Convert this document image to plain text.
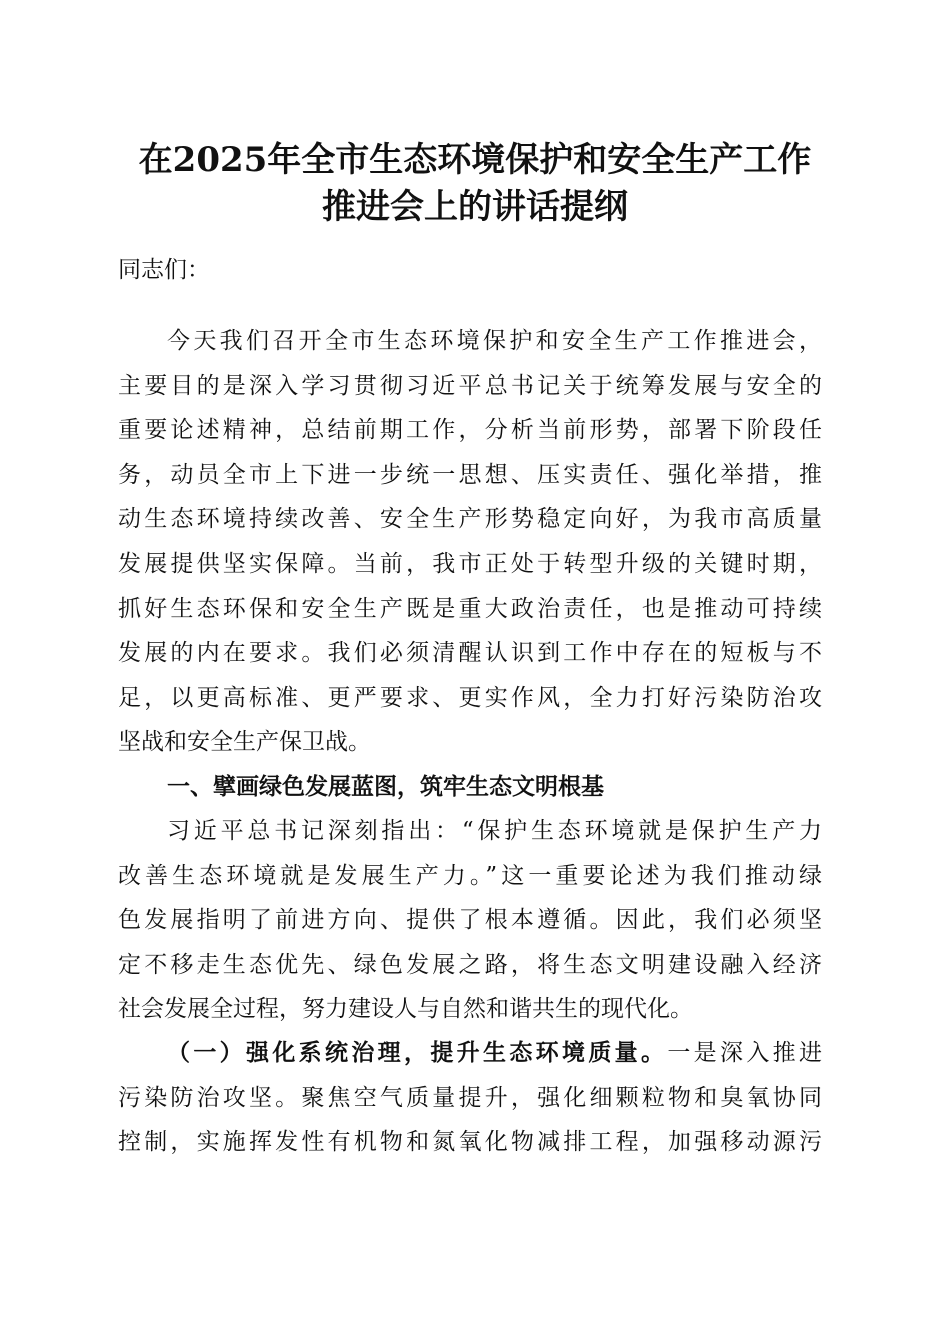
在2025年全市生态环境保护和安全生产工作
推进会上的讲话提纲
同志们：
今天我们召开全市生态环境保护和安全生产工作推进会，
主要目的是深入学习贯彻习近平总书记关于统筹发展与安全的
重要论述精神，总结前期工作，分析当前形势，部署下阶段任
务，动员全市上下进一步统一思想、压实责任、强化举措，推
动生态环境持续改善、安全生产形势稳定向好，为我市高质量
发展提供坚实保障。当前，我市正处于转型升级的关键时期，
抓好生态环保和安全生产既是重大政治责任，也是推动可持续
发展的内在要求。我们必须清醒认识到工作中存在的短板与不
足，以更高标准、更严要求、更实作风，全力打好污染防治攻
坚战和安全生产保卫战。
一、擘画绿色发展蓝图，筑牢生态文明根基
习近平总书记深刻指出：“保护生态环境就是保护生产力
改善生态环境就是发展生产力。”这一重要论述为我们推动绿
色发展指明了前进方向、提供了根本遵循。因此，我们必须坚
定不移走生态优先、绿色发展之路，将生态文明建设融入经济
社会发展全过程，努力建设人与自然和谐共生的现代化。
（一）强化系统治理，提升生态环境质量。一是深入推进
污染防治攻坚。聚焦空气质量提升，强化细颗粒物和臭氧协同
控制，实施挥发性有机物和氮氧化物减排工程，加强移动源污
